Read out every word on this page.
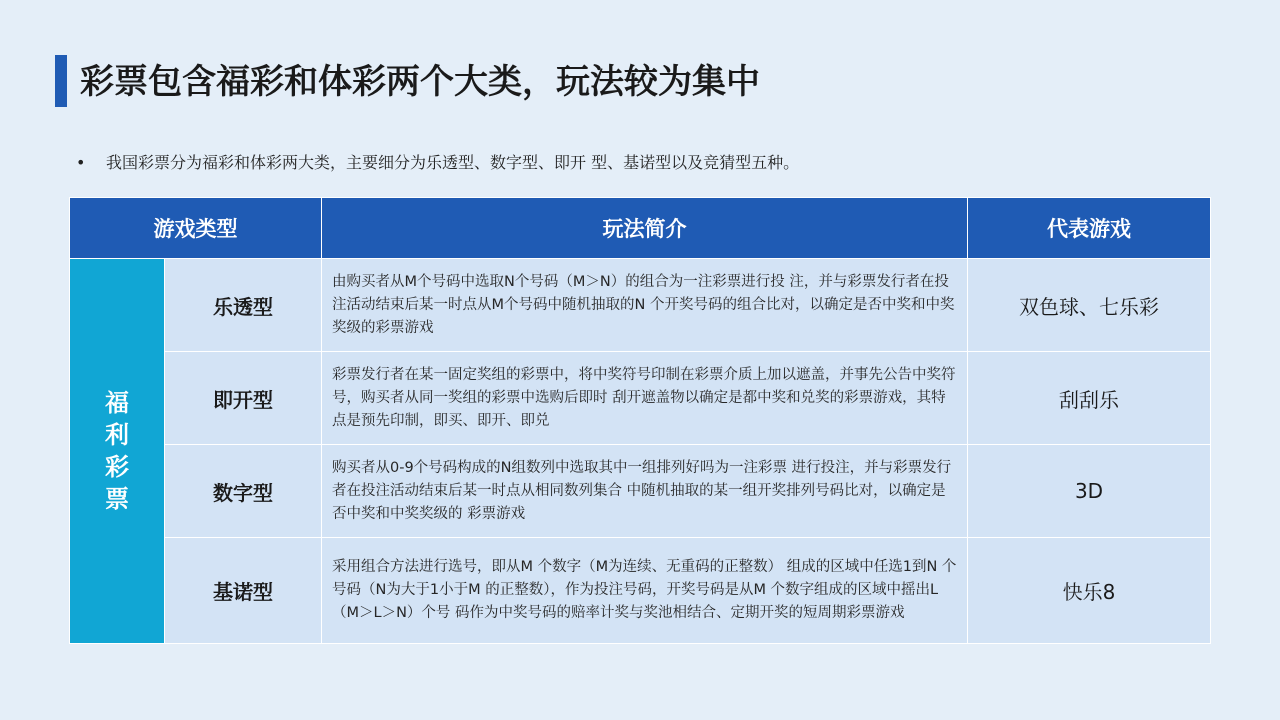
彩票包含福彩和体彩两个大类，玩法较为集中
• 我国彩票分为福彩和体彩两大类，主要细分为乐透型、数字型、即开 型、基诺型以及竞猜型五种。
游戏类型		玩法简介	代表游戏
福利彩票	乐透型	由购买者从M个号码中选取N个号码（M＞N）的组合为一注彩票进行投 注，并与彩票发行者在投注活动结束后某一时点从M个号码中随机抽取的N 个开奖号码的组合比对，以确定是否中奖和中奖奖级的彩票游戏	双色球、七乐彩
	即开型	彩票发行者在某一固定奖组的彩票中，将中奖符号印制在彩票介质上加以遮盖，并事先公告中奖符号，购买者从同一奖组的彩票中选购后即时 刮开遮盖物以确定是都中奖和兑奖的彩票游戏，其特点是预先印制，即买、即开、即兑	刮刮乐
	数字型	购买者从0-9个号码构成的N组数列中选取其中一组排列好吗为一注彩票 进行投注，并与彩票发行者在投注活动结束后某一时点从相同数列集合 中随机抽取的某一组开奖排列号码比对，以确定是否中奖和中奖奖级的 彩票游戏	3D
	基诺型	采用组合方法进行选号，即从M 个数字（M为连续、无重码的正整数） 组成的区域中任选1到N 个号码（N为大于1小于M 的正整数），作为投注号码，开奖号码是从M 个数字组成的区域中摇出L（M＞L＞N）个号 码作为中奖号码的赔率计奖与奖池相结合、定期开奖的短周期彩票游戏	快乐8
